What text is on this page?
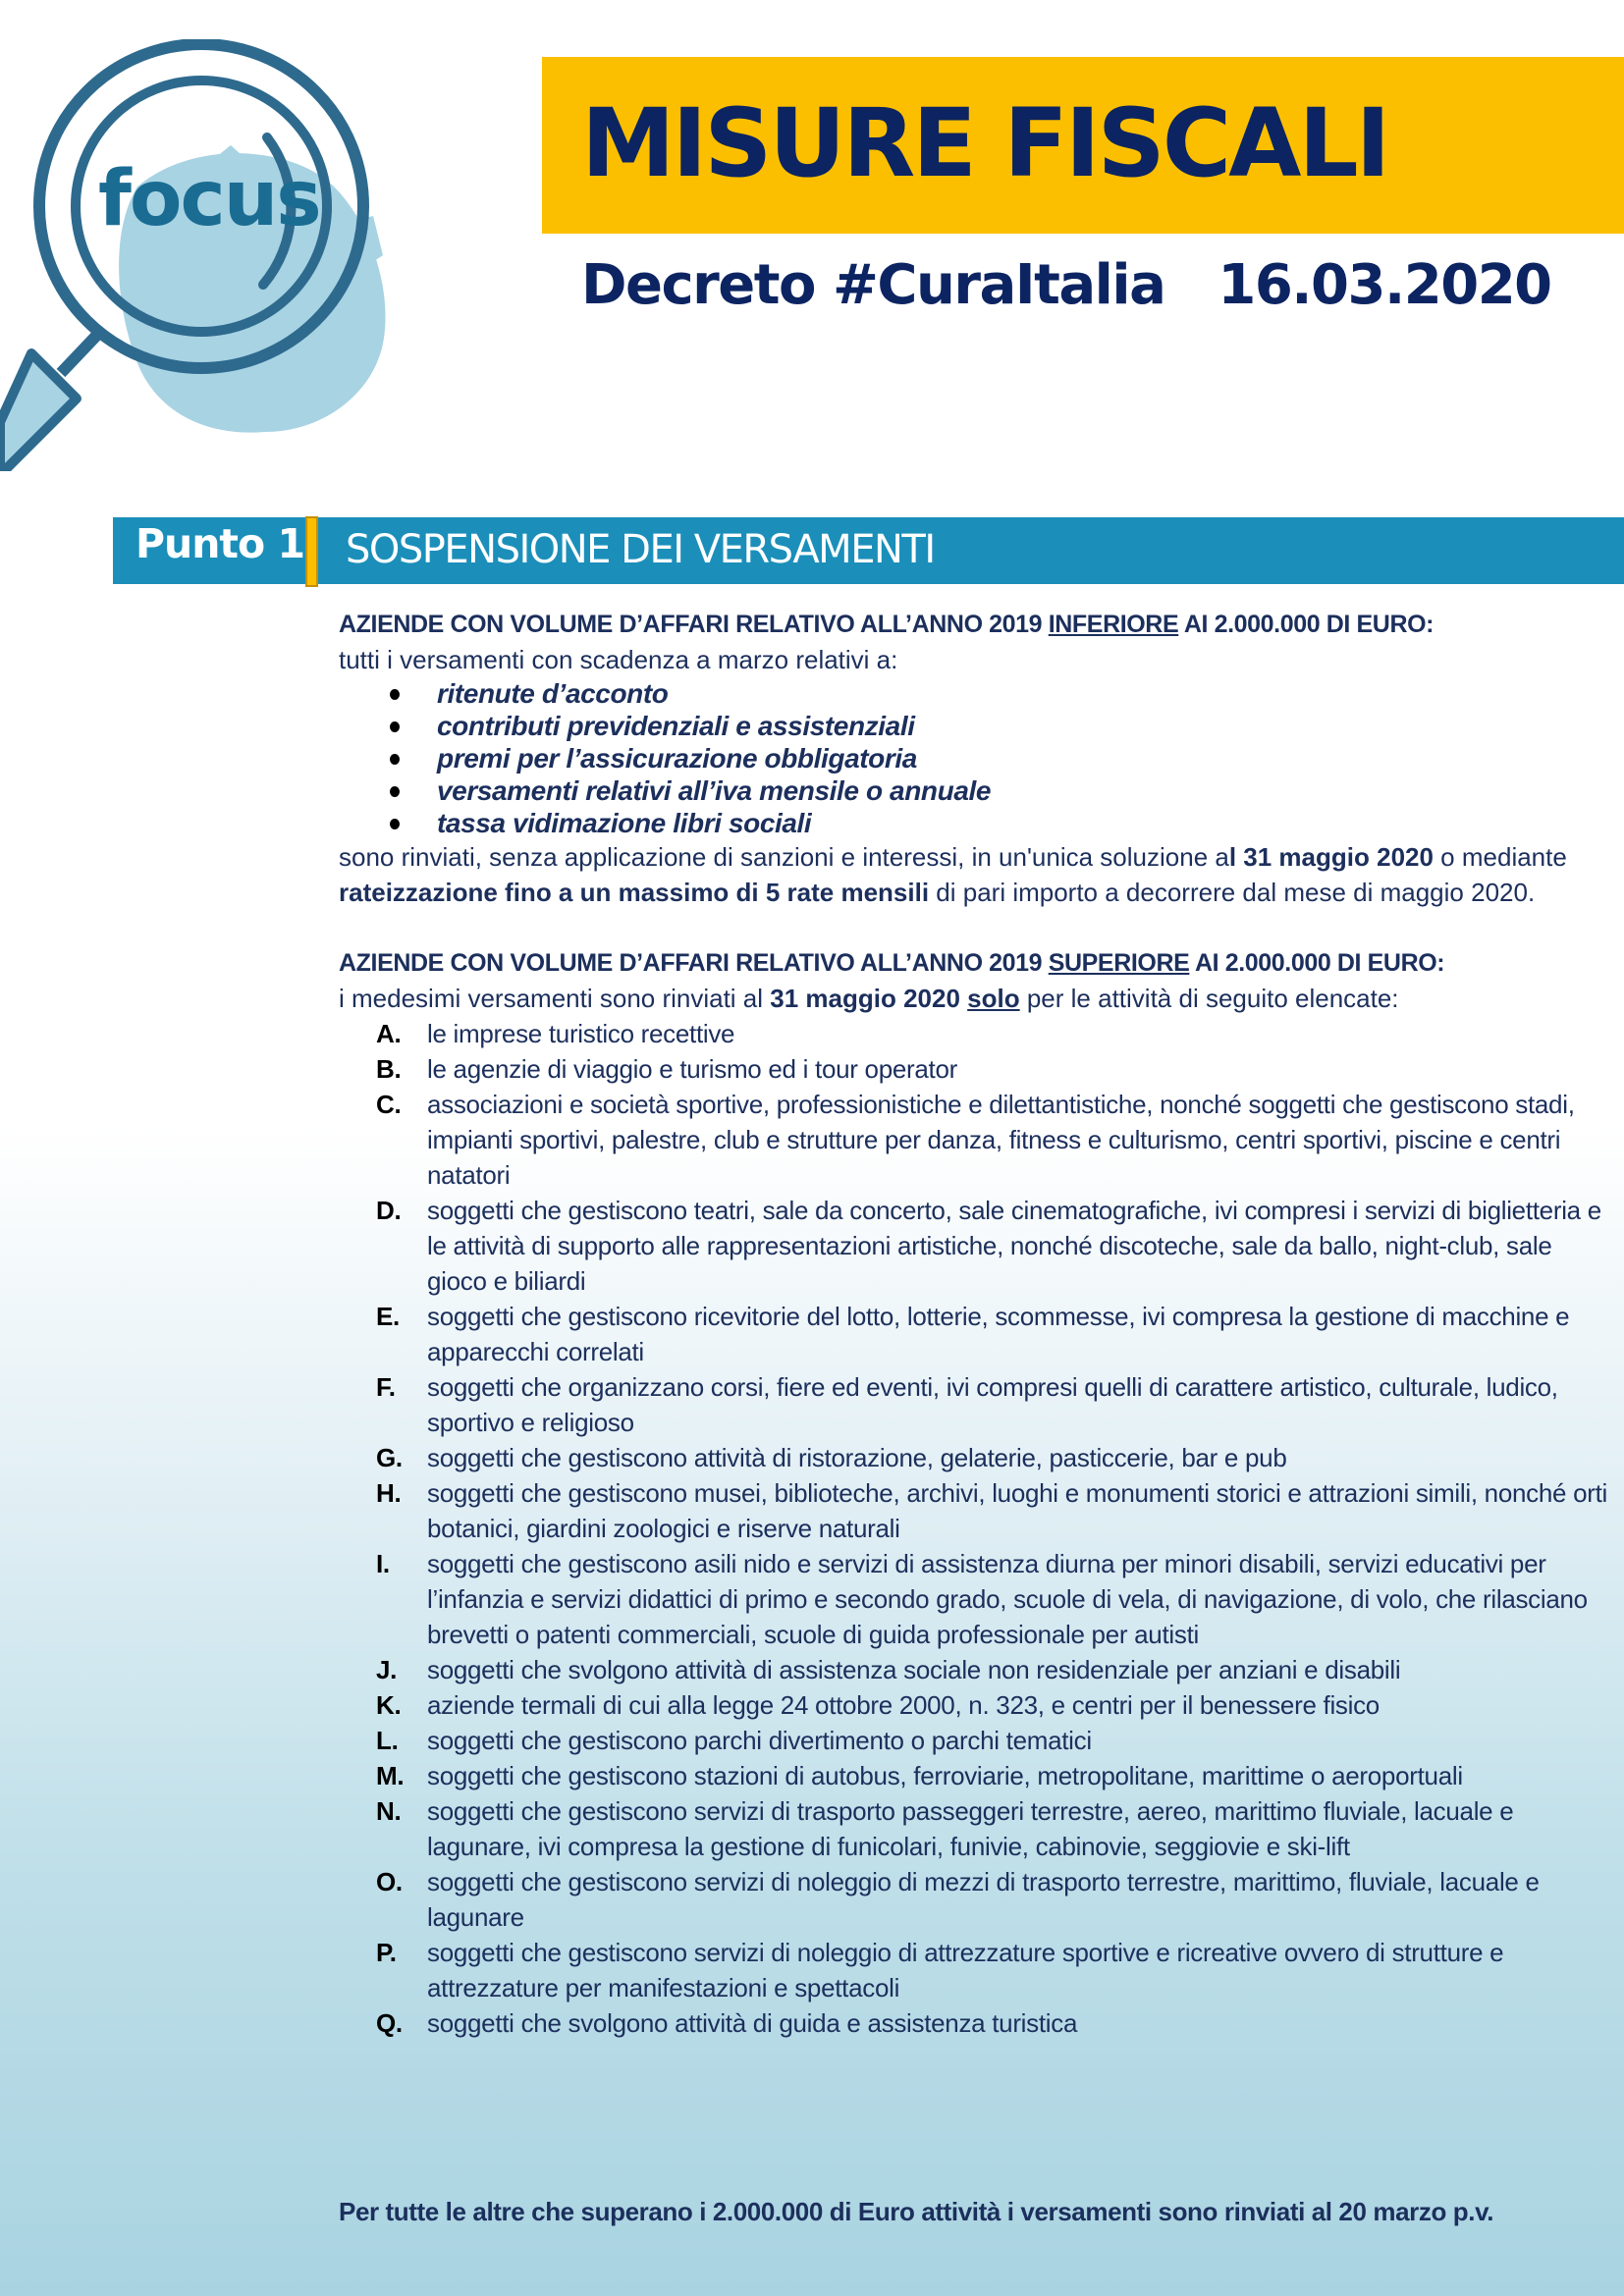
focus
MISURE FISCALI
Decreto #CuraItalia   16.03.2020
Punto 1 SOSPENSIONE DEI VERSAMENTI
AZIENDE CON VOLUME D’AFFARI RELATIVO ALL’ANNO 2019 INFERIORE AI 2.000.000 DI EURO:
tutti i versamenti con scadenza a marzo relativi a:
ritenute d’acconto
contributi previdenziali e assistenziali
premi per l’assicurazione obbligatoria
versamenti relativi all’iva mensile o annuale
tassa vidimazione libri sociali
sono rinviati, senza applicazione di sanzioni e interessi, in un'unica soluzione al 31 maggio 2020 o mediante rateizzazione fino a un massimo di 5 rate mensili di pari importo a decorrere dal mese di maggio 2020.
AZIENDE CON VOLUME D’AFFARI RELATIVO ALL’ANNO 2019 SUPERIORE AI 2.000.000 DI EURO:
i medesimi versamenti sono rinviati al 31 maggio 2020 solo per le attività di seguito elencate:
A. le imprese turistico recettive
B. le agenzie di viaggio e turismo ed i tour operator
C. associazioni e società sportive, professionistiche e dilettantistiche, nonché soggetti che gestiscono stadi, impianti sportivi, palestre, club e strutture per danza, fitness e culturismo, centri sportivi, piscine e centri natatori
D. soggetti che gestiscono teatri, sale da concerto, sale cinematografiche, ivi compresi i servizi di biglietteria e le attività di supporto alle rappresentazioni artistiche, nonché discoteche, sale da ballo, night-club, sale gioco e biliardi
E. soggetti che gestiscono ricevitorie del lotto, lotterie, scommesse, ivi compresa la gestione di macchine e apparecchi correlati
F. soggetti che organizzano corsi, fiere ed eventi, ivi compresi quelli di carattere artistico, culturale, ludico, sportivo e religioso
G. soggetti che gestiscono attività di ristorazione, gelaterie, pasticcerie, bar e pub
H. soggetti che gestiscono musei, biblioteche, archivi, luoghi e monumenti storici e attrazioni simili, nonché orti botanici, giardini zoologici e riserve naturali
I. soggetti che gestiscono asili nido e servizi di assistenza diurna per minori disabili, servizi educativi per l’infanzia e servizi didattici di primo e secondo grado, scuole di vela, di navigazione, di volo, che rilasciano brevetti o patenti commerciali, scuole di guida professionale per autisti
J. soggetti che svolgono attività di assistenza sociale non residenziale per anziani e disabili
K. aziende termali di cui alla legge 24 ottobre 2000, n. 323, e centri per il benessere fisico
L. soggetti che gestiscono parchi divertimento o parchi tematici
M. soggetti che gestiscono stazioni di autobus, ferroviarie, metropolitane, marittime o aeroportuali
N. soggetti che gestiscono servizi di trasporto passeggeri terrestre, aereo, marittimo fluviale, lacuale e lagunare, ivi compresa la gestione di funicolari, funivie, cabinovie, seggiovie e ski-lift
O. soggetti che gestiscono servizi di noleggio di mezzi di trasporto terrestre, marittimo, fluviale, lacuale e lagunare
P. soggetti che gestiscono servizi di noleggio di attrezzature sportive e ricreative ovvero di strutture e attrezzature per manifestazioni e spettacoli
Q. soggetti che svolgono attività di guida e assistenza turistica
Per tutte le altre che superano i 2.000.000 di Euro attività i versamenti sono rinviati al 20 marzo p.v.
